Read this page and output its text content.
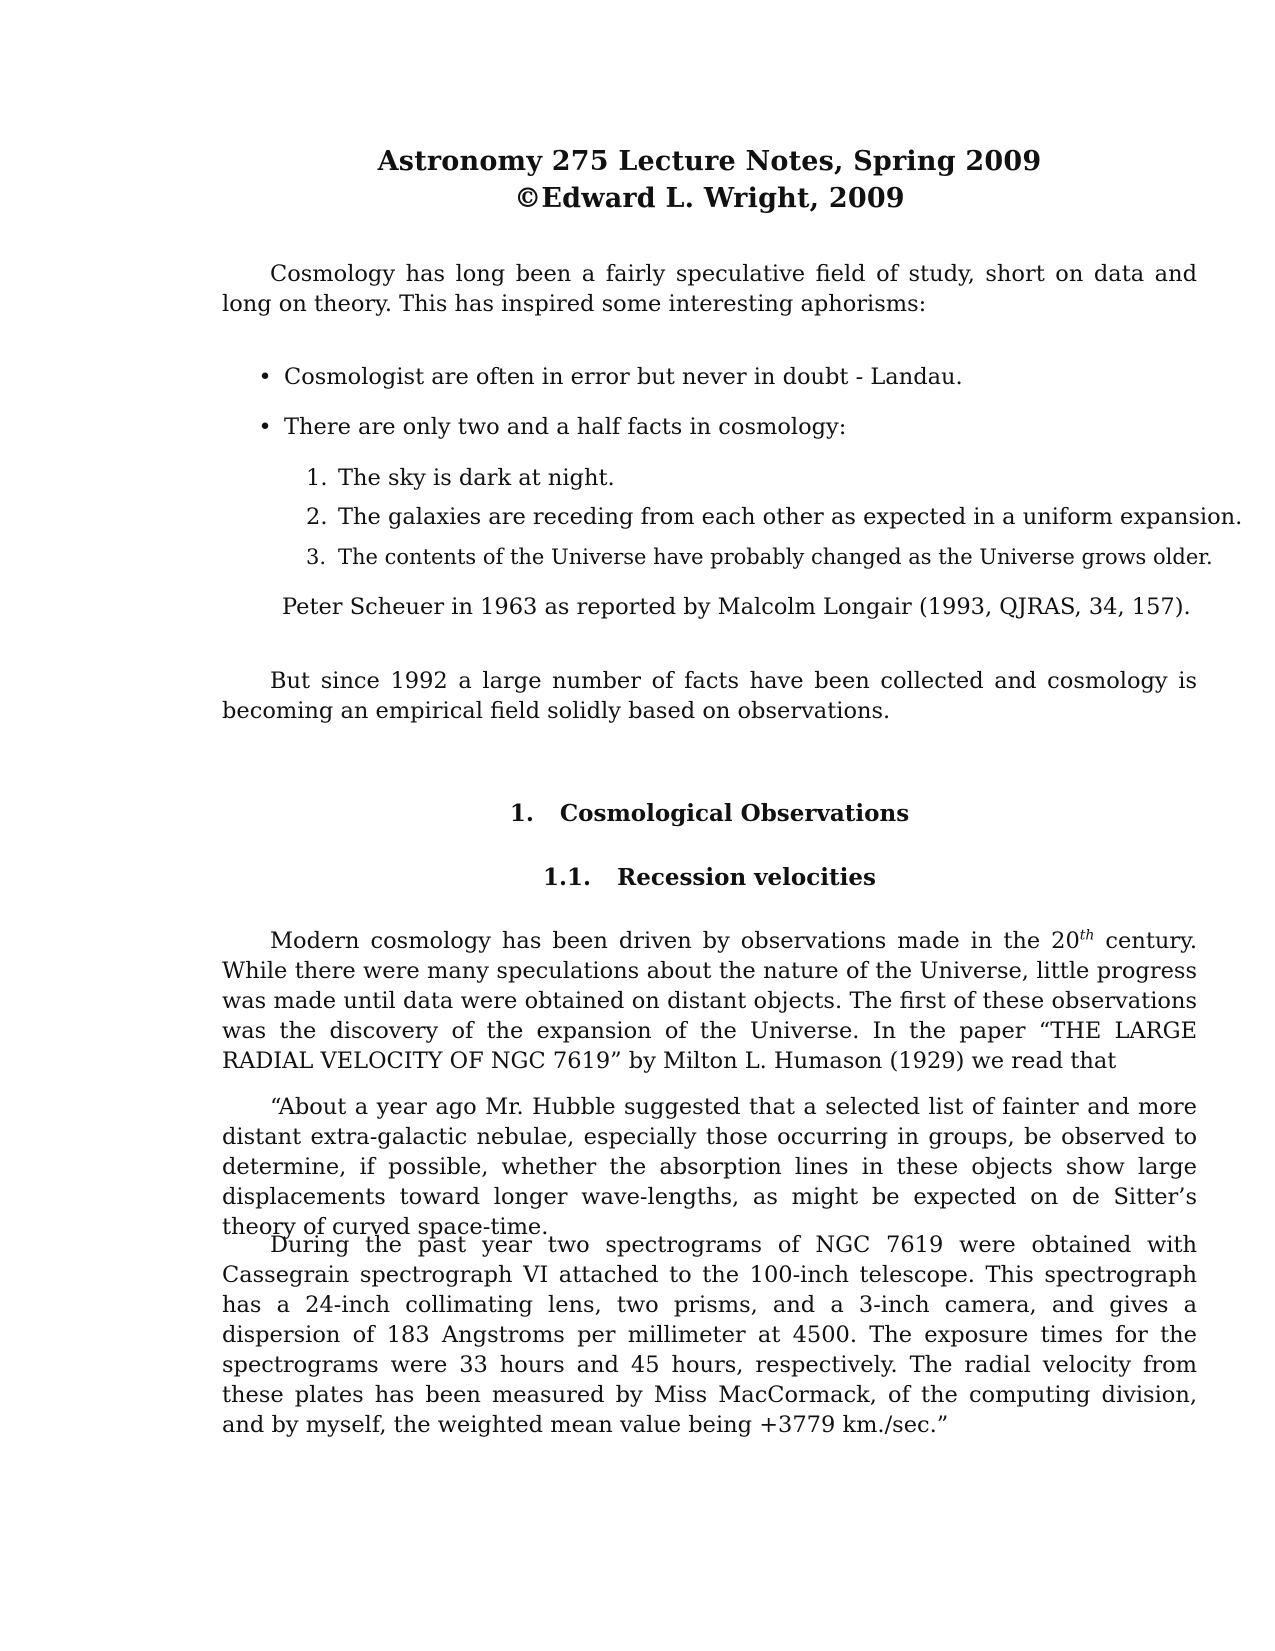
Astronomy 275 Lecture Notes, Spring 2009
©Edward L. Wright, 2009

Cosmology has long been a fairly speculative field of study, short on data and long on theory. This has inspired some interesting aphorisms:

• Cosmologist are often in error but never in doubt - Landau.
• There are only two and a half facts in cosmology:
1. The sky is dark at night.
2. The galaxies are receding from each other as expected in a uniform expansion.
3. The contents of the Universe have probably changed as the Universe grows older.
Peter Scheuer in 1963 as reported by Malcolm Longair (1993, QJRAS, 34, 157).

But since 1992 a large number of facts have been collected and cosmology is becoming an empirical field solidly based on observations.

1. Cosmological Observations
1.1. Recession velocities

Modern cosmology has been driven by observations made in the 20th century. While there were many speculations about the nature of the Universe, little progress was made until data were obtained on distant objects. The first of these observations was the discovery of the expansion of the Universe. In the paper “THE LARGE RADIAL VELOCITY OF NGC 7619” by Milton L. Humason (1929) we read that

“About a year ago Mr. Hubble suggested that a selected list of fainter and more distant extra-galactic nebulae, especially those occurring in groups, be observed to determine, if possible, whether the absorption lines in these objects show large displacements toward longer wave-lengths, as might be expected on de Sitter’s theory of curved space-time.

During the past year two spectrograms of NGC 7619 were obtained with Cassegrain spectrograph VI attached to the 100-inch telescope. This spectrograph has a 24-inch collimating lens, two prisms, and a 3-inch camera, and gives a dispersion of 183 Angstroms per millimeter at 4500. The exposure times for the spectrograms were 33 hours and 45 hours, respectively. The radial velocity from these plates has been measured by Miss MacCormack, of the computing division, and by myself, the weighted mean value being +3779 km./sec.”
